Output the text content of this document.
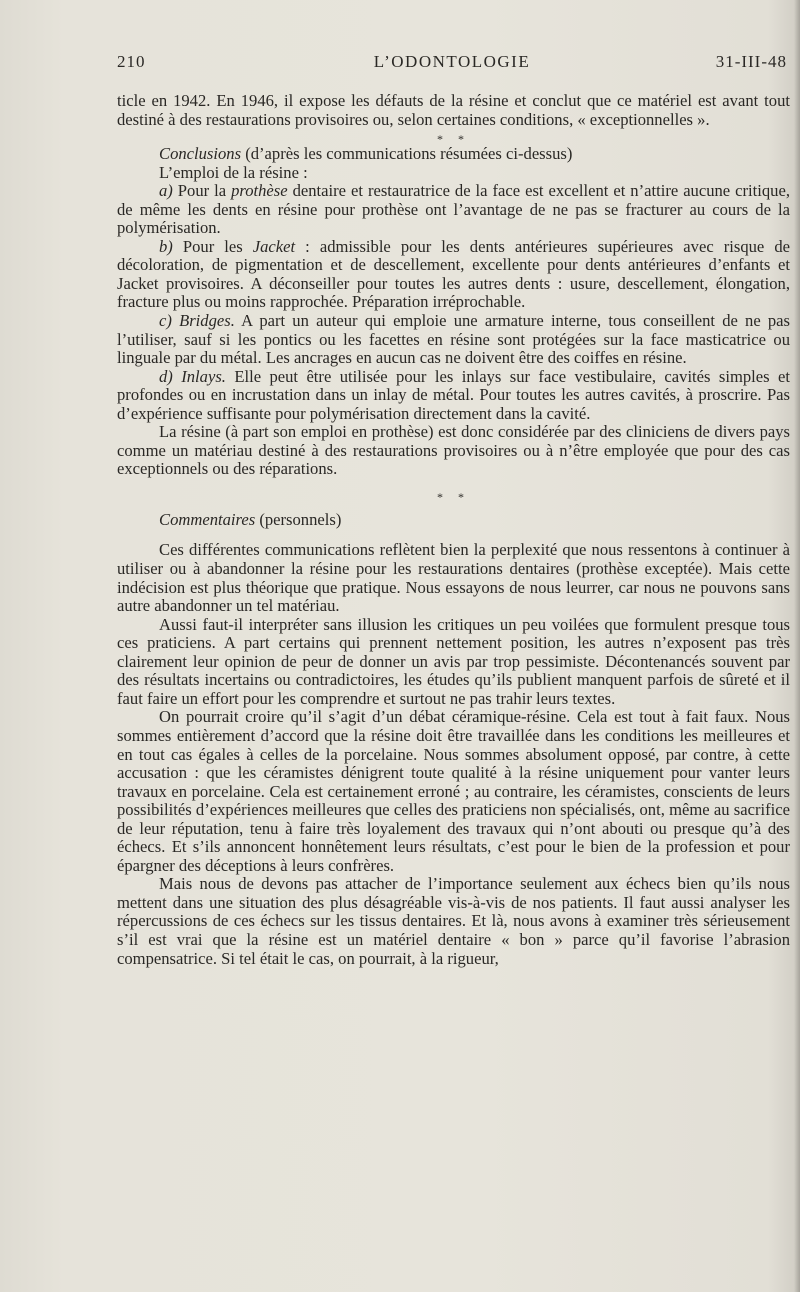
210	L’ODONTOLOGIE	31-III-48

ticle en 1942. En 1946, il expose les défauts de la résine et conclut que ce matériel est avant tout destiné à des restaurations provisoires ou, selon certaines conditions, « exceptionnelles ».

* *

Conclusions (d’après les communications résumées ci-dessus)

L’emploi de la résine :

a) Pour la prothèse dentaire et restauratrice de la face est excellent et n’attire aucune critique, de même les dents en résine pour prothèse ont l’avantage de ne pas se fracturer au cours de la polymérisation.

b) Pour les Jacket : admissible pour les dents antérieures supérieures avec risque de décoloration, de pigmentation et de descellement, excellente pour dents antérieures d’enfants et Jacket provisoires. A déconseiller pour toutes les autres dents : usure, descellement, élongation, fracture plus ou moins rapprochée. Préparation irréprochable.

c) Bridges. A part un auteur qui emploie une armature interne, tous conseillent de ne pas l’utiliser, sauf si les pontics ou les facettes en résine sont protégées sur la face masticatrice ou linguale par du métal. Les ancrages en aucun cas ne doivent être des coiffes en résine.

d) Inlays. Elle peut être utilisée pour les inlays sur face vestibulaire, cavités simples et profondes ou en incrustation dans un inlay de métal. Pour toutes les autres cavités, à proscrire. Pas d’expérience suffisante pour polymérisation directement dans la cavité.

La résine (à part son emploi en prothèse) est donc considérée par des cliniciens de divers pays comme un matériau destiné à des restaurations provisoires ou à n’être employée que pour des cas exceptionnels ou des réparations.

* *

Commentaires (personnels)

Ces différentes communications reflètent bien la perplexité que nous ressentons à continuer à utiliser ou à abandonner la résine pour les restaurations dentaires (prothèse exceptée). Mais cette indécision est plus théorique que pratique. Nous essayons de nous leurrer, car nous ne pouvons sans autre abandonner un tel matériau.

Aussi faut-il interpréter sans illusion les critiques un peu voilées que formulent presque tous ces praticiens. A part certains qui prennent nettement position, les autres n’exposent pas très clairement leur opinion de peur de donner un avis par trop pessimiste. Décontenancés souvent par des résultats incertains ou contradictoires, les études qu’ils publient manquent parfois de sûreté et il faut faire un effort pour les comprendre et surtout ne pas trahir leurs textes.

On pourrait croire qu’il s’agit d’un débat céramique-résine. Cela est tout à fait faux. Nous sommes entièrement d’accord que la résine doit être travaillée dans les conditions les meilleures et en tout cas égales à celles de la porcelaine. Nous sommes absolument opposé, par contre, à cette accusation : que les céramistes dénigrent toute qualité à la résine uniquement pour vanter leurs travaux en porcelaine. Cela est certainement erroné ; au contraire, les céramistes, conscients de leurs possibilités d’expériences meilleures que celles des praticiens non spécialisés, ont, même au sacrifice de leur réputation, tenu à faire très loyalement des travaux qui n’ont abouti ou presque qu’à des échecs. Et s’ils annoncent honnêtement leurs résultats, c’est pour le bien de la profession et pour épargner des déceptions à leurs confrères.

Mais nous de devons pas attacher de l’importance seulement aux échecs bien qu’ils nous mettent dans une situation des plus désagréable vis-à-vis de nos patients. Il faut aussi analyser les répercussions de ces échecs sur les tissus dentaires. Et là, nous avons à examiner très sérieusement s’il est vrai que la résine est un matériel dentaire « bon » parce qu’il favorise l’abrasion compensatrice. Si tel était le cas, on pourrait, à la rigueur,
